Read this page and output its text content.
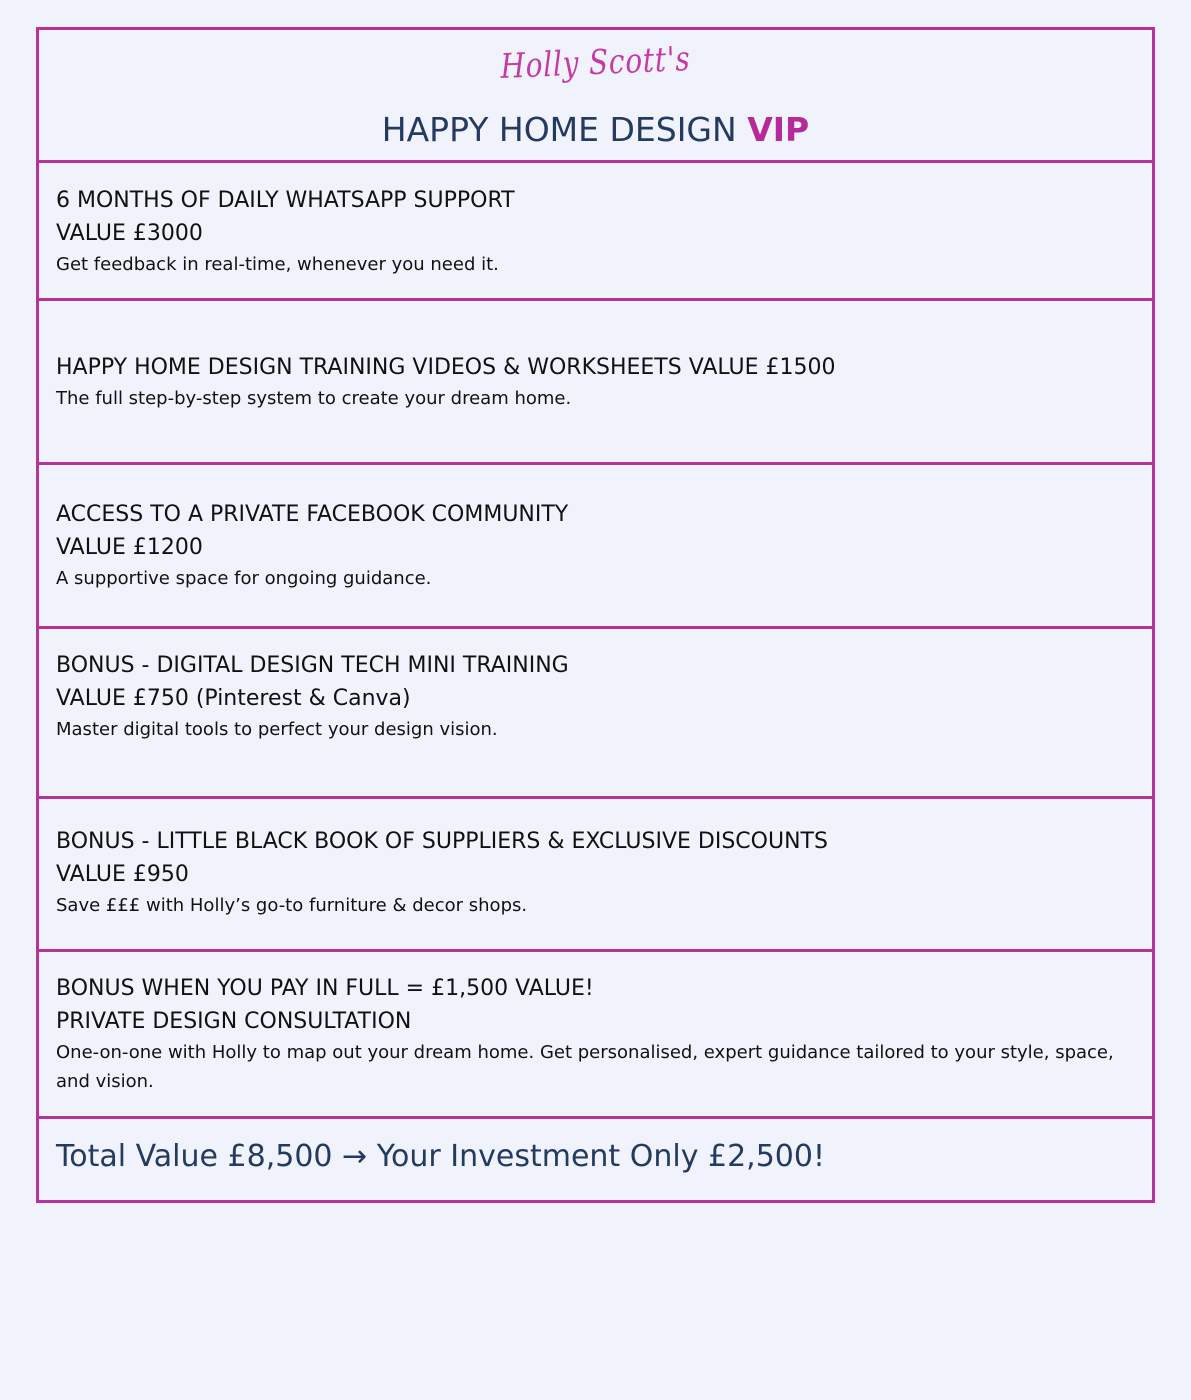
Holly Scott's
HAPPY HOME DESIGN VIP
6 MONTHS OF DAILY WHATSAPP SUPPORT
VALUE £3000
Get feedback in real-time, whenever you need it.
HAPPY HOME DESIGN TRAINING VIDEOS & WORKSHEETS VALUE £1500
The full step-by-step system to create your dream home.
ACCESS TO A PRIVATE FACEBOOK COMMUNITY
VALUE £1200
A supportive space for ongoing guidance.
BONUS - DIGITAL DESIGN TECH MINI TRAINING
VALUE £750 (Pinterest & Canva)
Master digital tools to perfect your design vision.
BONUS - LITTLE BLACK BOOK OF SUPPLIERS & EXCLUSIVE DISCOUNTS
VALUE £950
Save £££ with Holly’s go-to furniture & decor shops.
BONUS WHEN YOU PAY IN FULL = £1,500 VALUE!
PRIVATE DESIGN CONSULTATION
One-on-one with Holly to map out your dream home. Get personalised, expert guidance tailored to your style, space, and vision.
Total Value £8,500 → Your Investment Only £2,500!
